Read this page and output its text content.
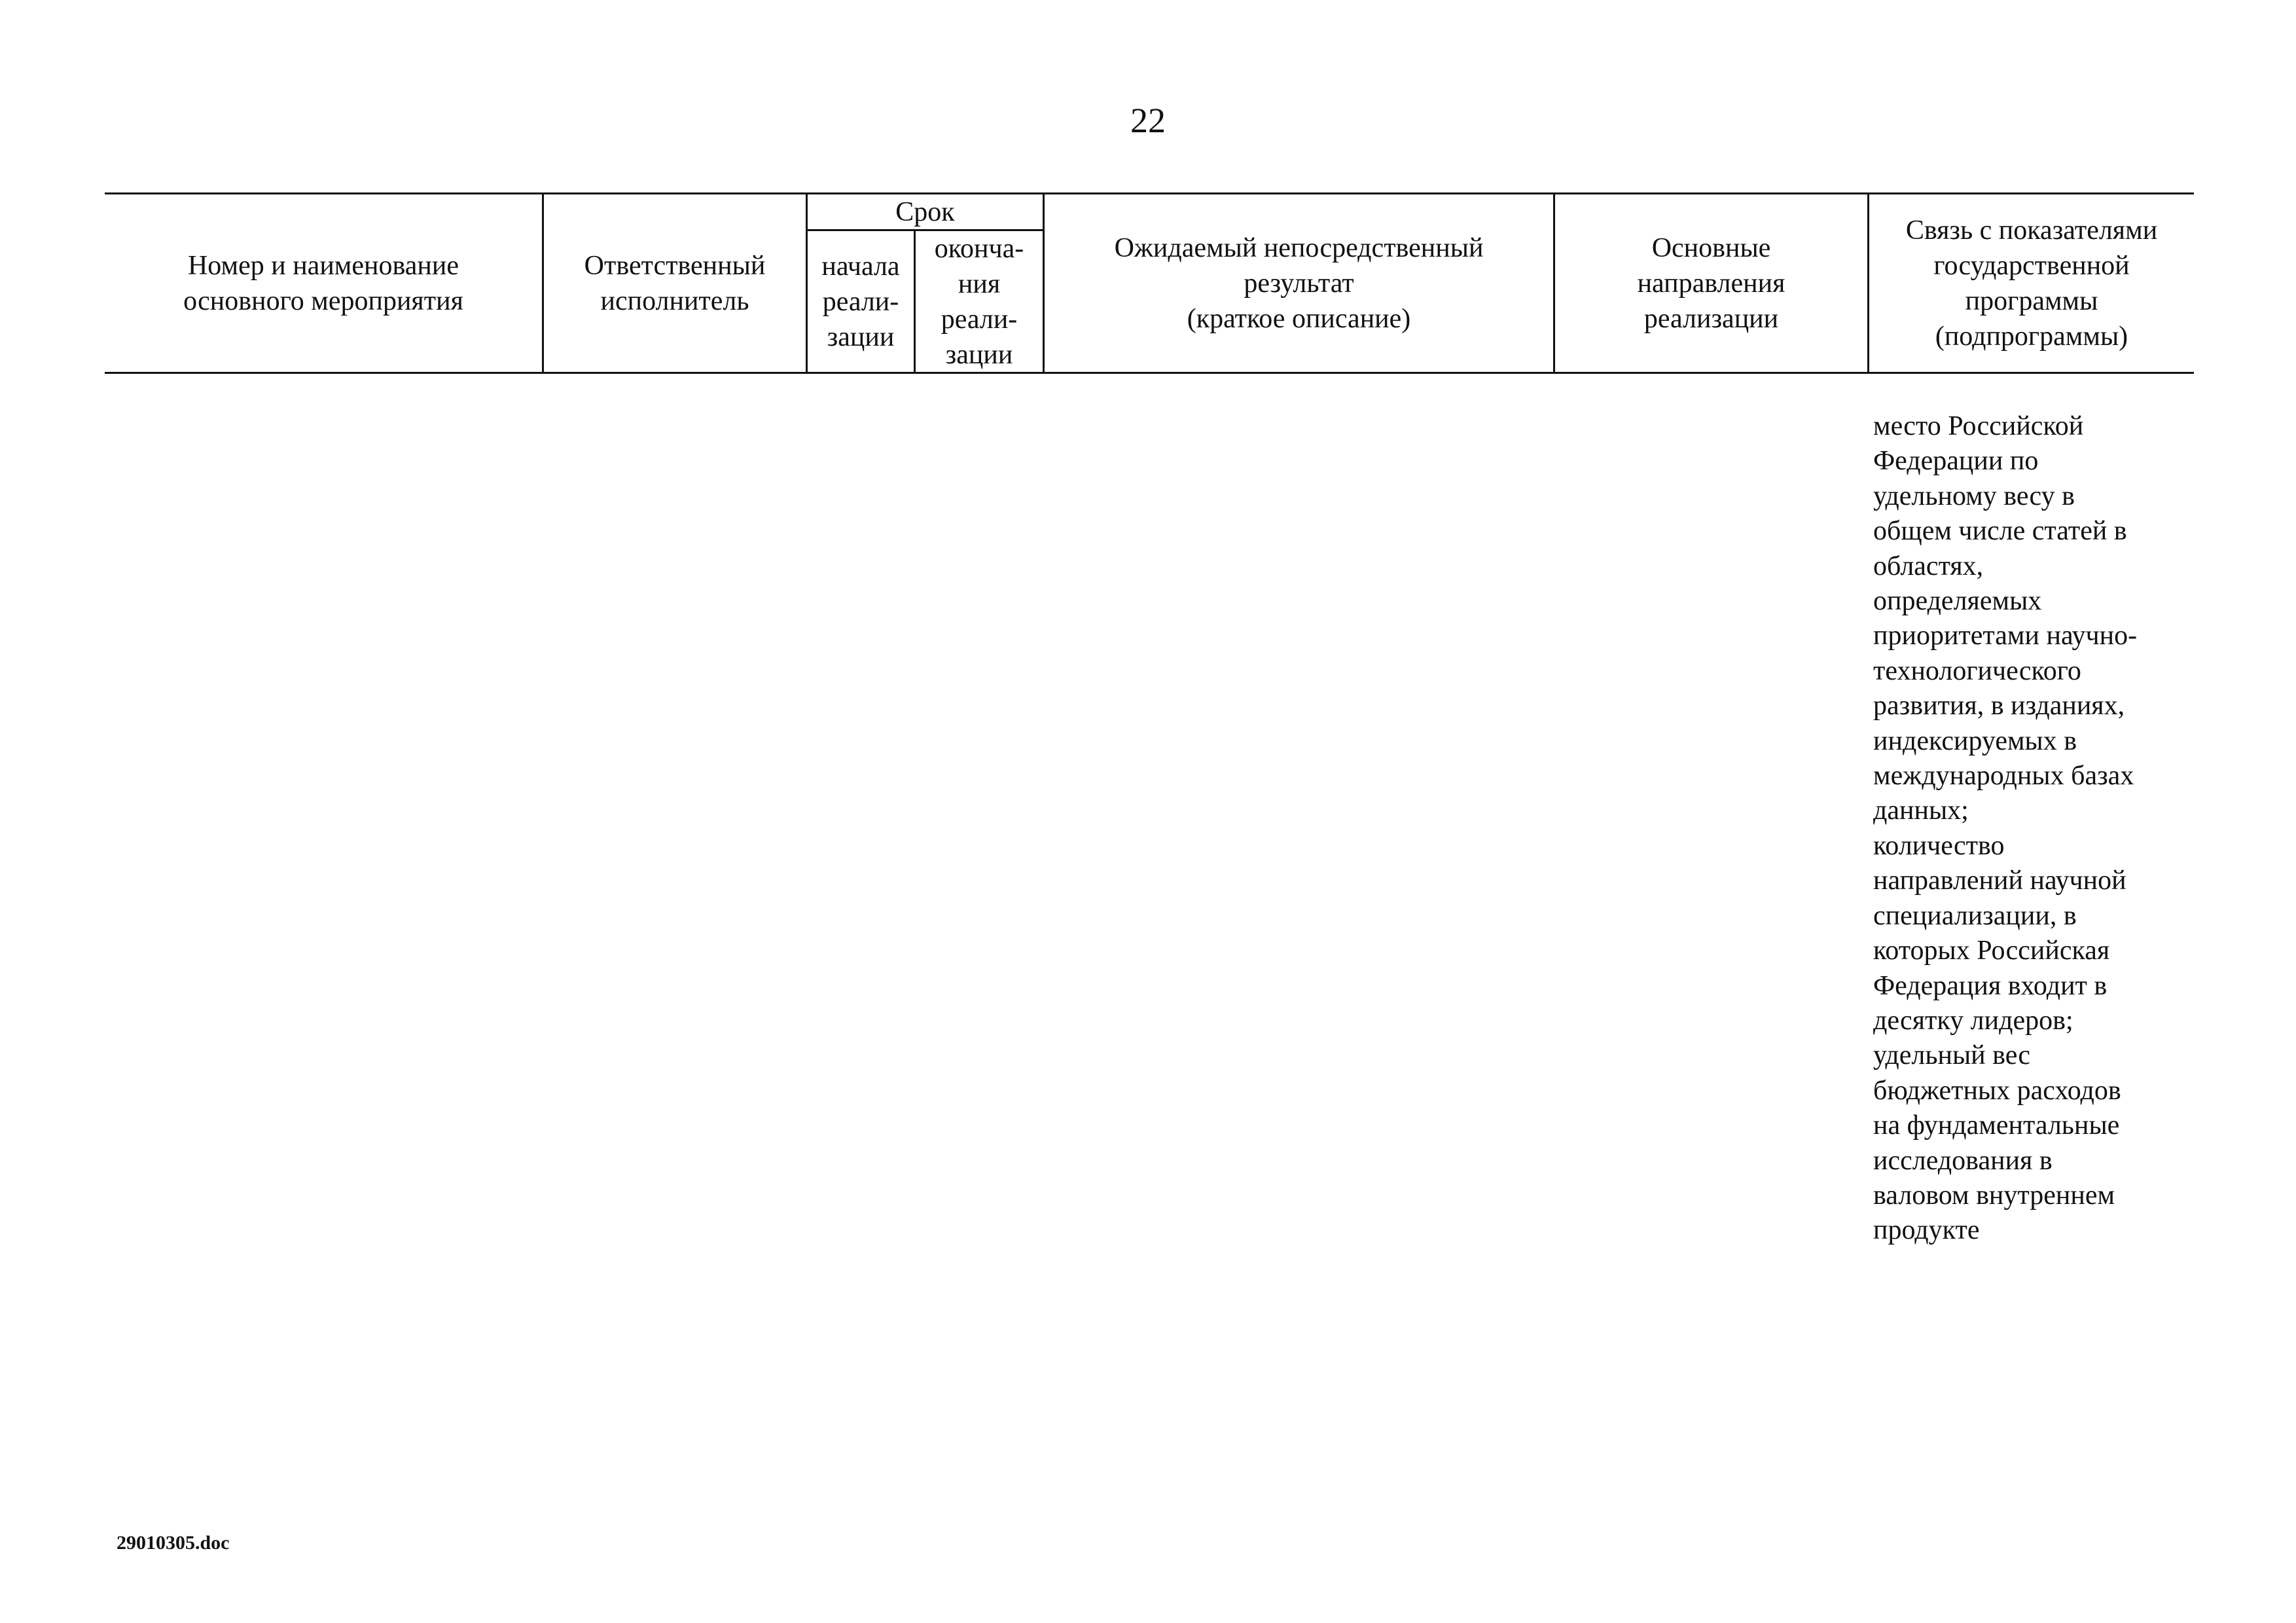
22
Номер и наименование
основного мероприятия
Ответственный
исполнитель
Срок
начала
реали-
зации
оконча-
ния
реали-
зации
Ожидаемый непосредственный
результат
(краткое описание)
Основные
направления
реализации
Связь с показателями
государственной
программы
(подпрограммы)
место Российской
Федерации по
удельному весу в
общем числе статей в
областях,
определяемых
приоритетами научно-
технологического
развития, в изданиях,
индексируемых в
международных базах
данных;
количество
направлений научной
специализации, в
которых Российская
Федерация входит в
десятку лидеров;
удельный вес
бюджетных расходов
на фундаментальные
исследования в
валовом внутреннем
продукте
29010305.doc
